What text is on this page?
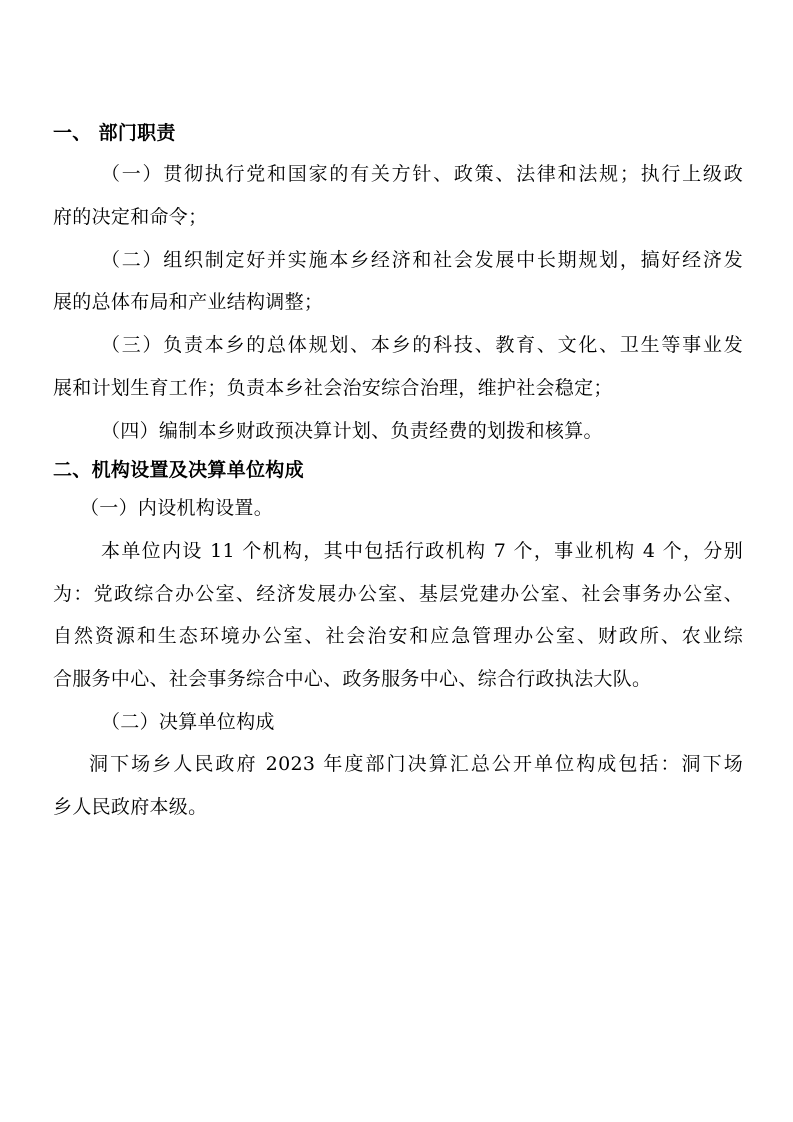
一、 部门职责
（一）贯彻执行党和国家的有关方针、政策、法律和法规；执行上级政
府的决定和命令；
（二）组织制定好并实施本乡经济和社会发展中长期规划，搞好经济发
展的总体布局和产业结构调整；
（三）负责本乡的总体规划、本乡的科技、教育、文化、卫生等事业发
展和计划生育工作；负责本乡社会治安综合治理，维护社会稳定；
（四）编制本乡财政预决算计划、负责经费的划拨和核算。
二、机构设置及决算单位构成
（一）内设机构设置。
本单位内设 11 个机构，其中包括行政机构 7 个，事业机构 4 个，分别
为：党政综合办公室、经济发展办公室、基层党建办公室、社会事务办公室、
自然资源和生态环境办公室、社会治安和应急管理办公室、财政所、农业综
合服务中心、社会事务综合中心、政务服务中心、综合行政执法大队。
（二）决算单位构成
洞下场乡人民政府 2023 年度部门决算汇总公开单位构成包括：洞下场
乡人民政府本级。
